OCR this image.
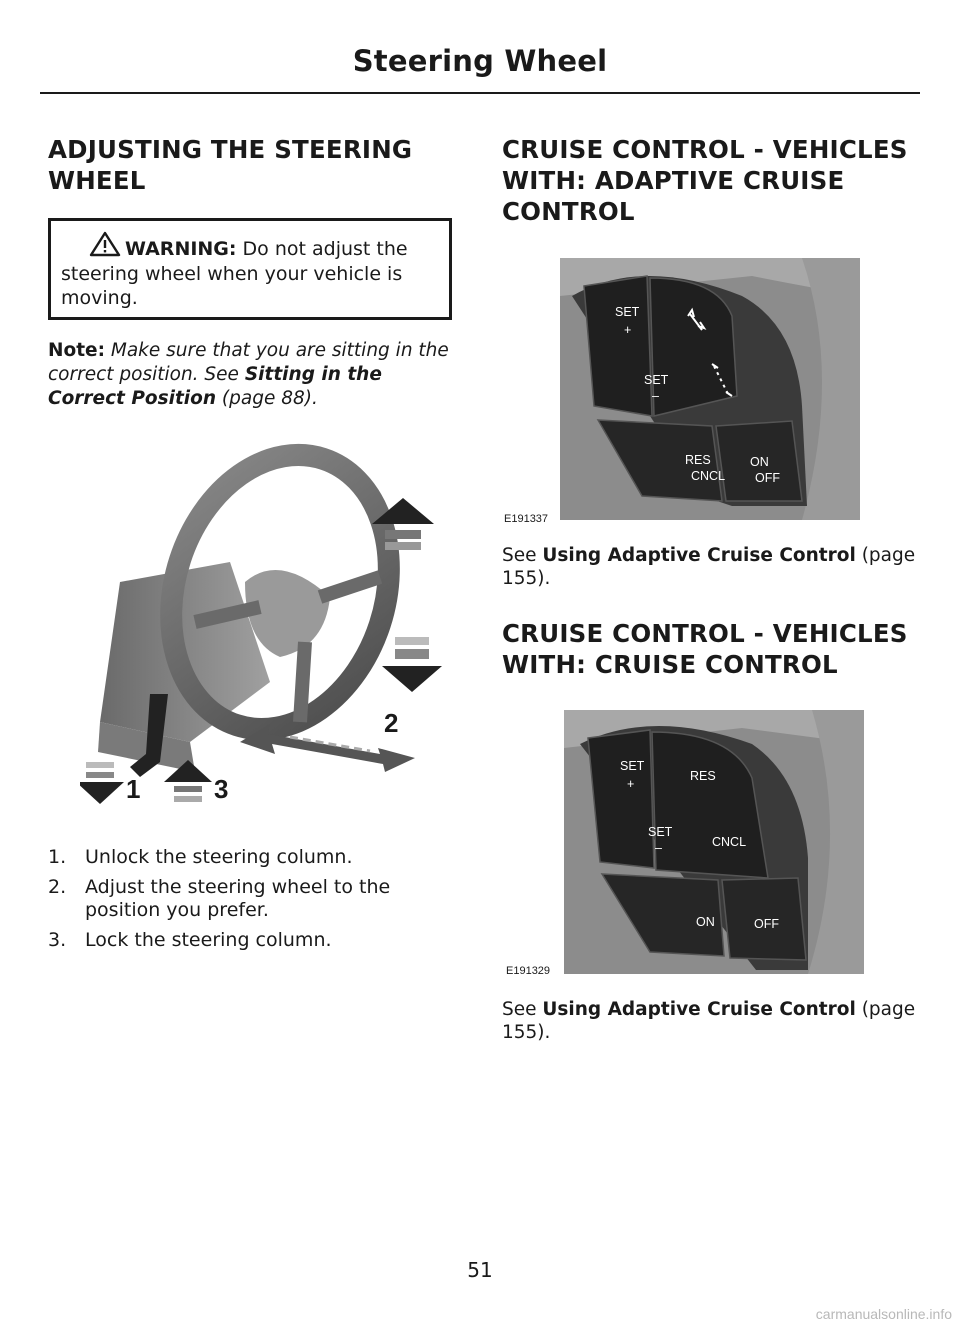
Steering Wheel
ADJUSTING THE STEERING
WHEEL
WARNING: Do not adjust the steering wheel when your vehicle is moving.
Note: Make sure that you are sitting in the correct position. See Sitting in the Correct Position (page 88).
2
1	3
1. Unlock the steering column.
2. Adjust the steering wheel to the position you prefer.
3. Lock the steering column.
CRUISE CONTROL - VEHICLES
WITH: ADAPTIVE CRUISE
CONTROL
SET
+
SET
–
RES
CNCL
ON
OFF
E191337
See Using Adaptive Cruise Control (page 155).
CRUISE CONTROL - VEHICLES
WITH: CRUISE CONTROL
SET
+
RES
SET
–	CNCL
ON	OFF
E191329
See Using Adaptive Cruise Control (page 155).
51
carmanualsonline.info
